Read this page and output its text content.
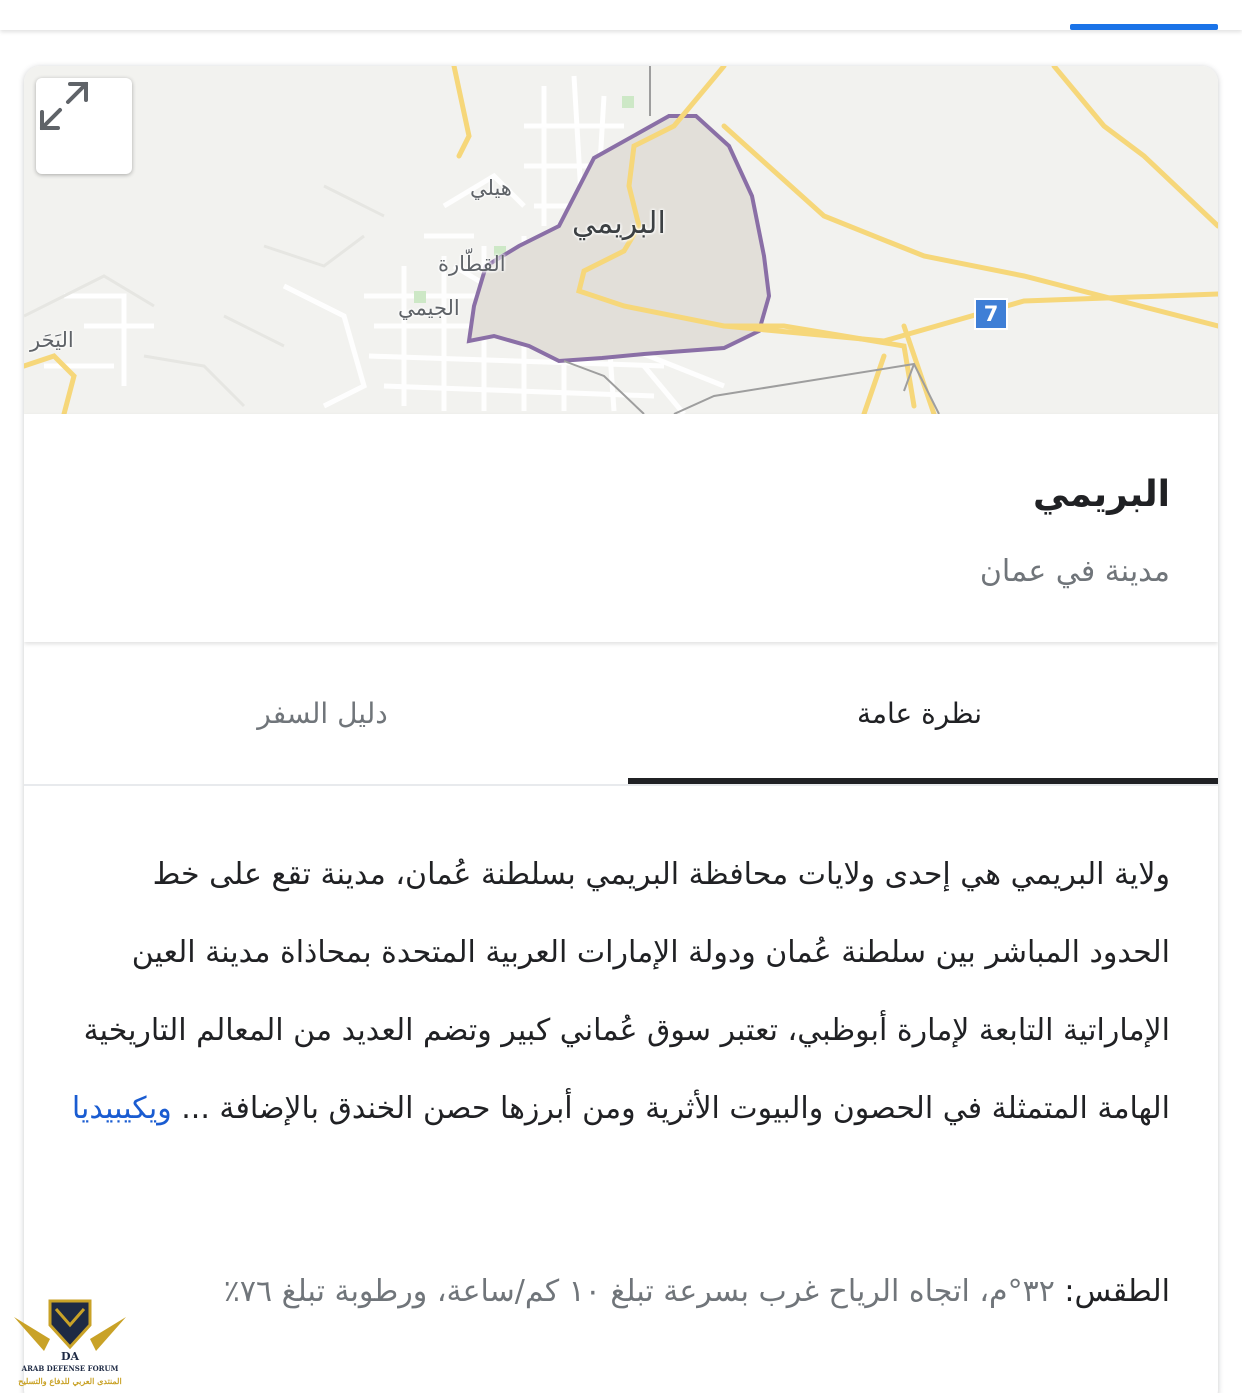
البريمي
هيلي
القطّارة
الجيمي
اليَحَر
7
البريمي
مدينة في عمان
نظرة عامة
دليل السفر
ولاية البريمي هي إحدى ولايات محافظة البريمي بسلطنة عُمان، مدينة تقع على خط الحدود المباشر بين سلطنة عُمان ودولة الإمارات العربية المتحدة بمحاذاة مدينة العين الإماراتية التابعة لإمارة أبوظبي، تعتبر سوق عُماني كبير وتضم العديد من المعالم التاريخية الهامة المتمثلة في الحصون والبيوت الأثرية ومن أبرزها حصن الخندق بالإضافة ... ويكيبيديا
الطقس: ٣٢°م، اتجاه الرياح غرب بسرعة تبلغ ١٠ كم/ساعة، ورطوبة تبلغ ٧٦٪
DA
ARAB DEFENSE FORUM
المنتدى العربي للدفاع والتسليح
